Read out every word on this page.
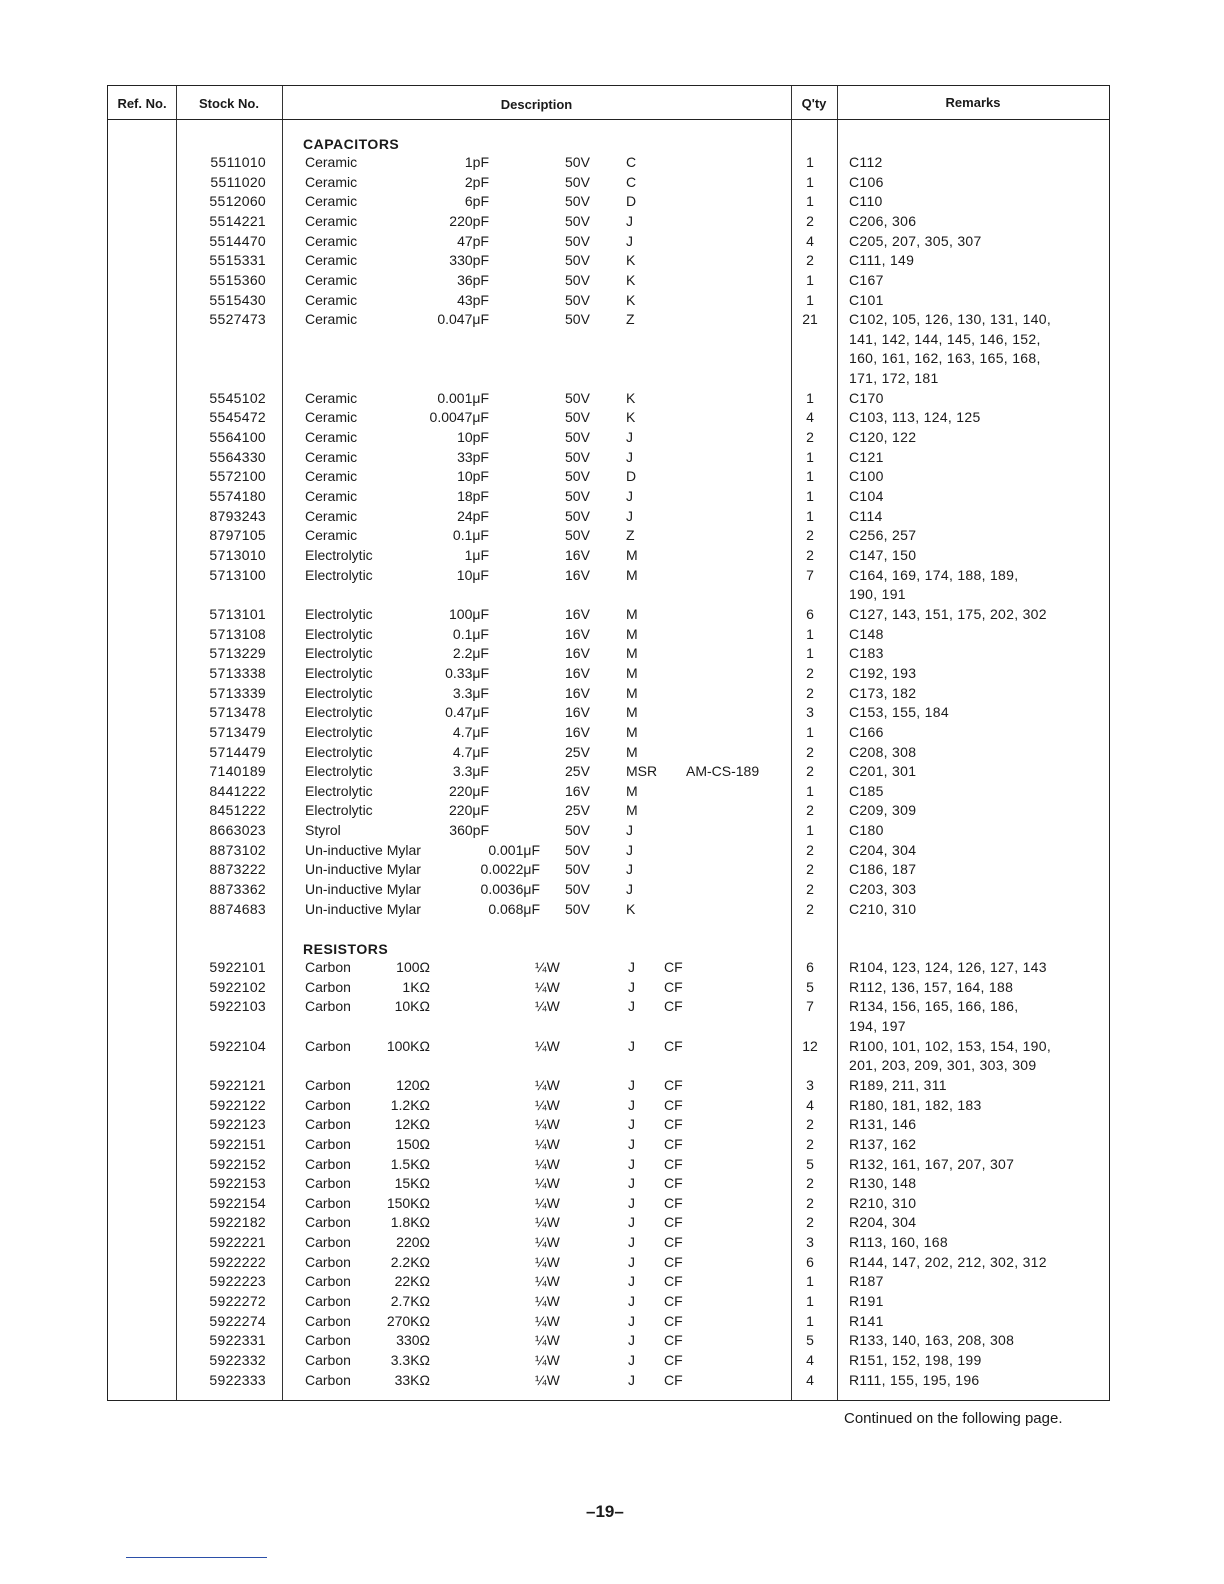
Ref. No.	Stock No.	Description	Q'ty	Remarks
CAPACITORS
5511010	Ceramic	1pF	50V	C	1	C112
5511020	Ceramic	2pF	50V	C	1	C106
5512060	Ceramic	6pF	50V	D	1	C110
5514221	Ceramic	220pF	50V	J	2	C206, 306
5514470	Ceramic	47pF	50V	J	4	C205, 207, 305, 307
5515331	Ceramic	330pF	50V	K	2	C111, 149
5515360	Ceramic	36pF	50V	K	1	C167
5515430	Ceramic	43pF	50V	K	1	C101
5527473	Ceramic	0.047μF	50V	Z	21	C102, 105, 126, 130, 131, 140,
141, 142, 144, 145, 146, 152,
160, 161, 162, 163, 165, 168,
171, 172, 181
5545102	Ceramic	0.001μF	50V	K	1	C170
5545472	Ceramic	0.0047μF	50V	K	4	C103, 113, 124, 125
5564100	Ceramic	10pF	50V	J	2	C120, 122
5564330	Ceramic	33pF	50V	J	1	C121
5572100	Ceramic	10pF	50V	D	1	C100
5574180	Ceramic	18pF	50V	J	1	C104
8793243	Ceramic	24pF	50V	J	1	C114
8797105	Ceramic	0.1μF	50V	Z	2	C256, 257
5713010	Electrolytic	1μF	16V	M	2	C147, 150
5713100	Electrolytic	10μF	16V	M	7	C164, 169, 174, 188, 189,
190, 191
5713101	Electrolytic	100μF	16V	M	6	C127, 143, 151, 175, 202, 302
5713108	Electrolytic	0.1μF	16V	M	1	C148
5713229	Electrolytic	2.2μF	16V	M	1	C183
5713338	Electrolytic	0.33μF	16V	M	2	C192, 193
5713339	Electrolytic	3.3μF	16V	M	2	C173, 182
5713478	Electrolytic	0.47μF	16V	M	3	C153, 155, 184
5713479	Electrolytic	4.7μF	16V	M	1	C166
5714479	Electrolytic	4.7μF	25V	M	2	C208, 308
7140189	Electrolytic	3.3μF	25V	MSR AM-CS-189	2	C201, 301
8441222	Electrolytic	220μF	16V	M	1	C185
8451222	Electrolytic	220μF	25V	M	2	C209, 309
8663023	Styrol	360pF	50V	J	1	C180
8873102	Un-inductive Mylar	0.001μF 50V	J	2	C204, 304
8873222	Un-inductive Mylar	0.0022μF 50V	J	2	C186, 187
8873362	Un-inductive Mylar	0.0036μF 50V	J	2	C203, 303
8874683	Un-inductive Mylar	0.068μF 50V	K	2	C210, 310
RESISTORS
5922101	Carbon	100Ω	¼W	J CF	6	R104, 123, 124, 126, 127, 143
5922102	Carbon	1KΩ	¼W	J CF	5	R112, 136, 157, 164, 188
5922103	Carbon	10KΩ	¼W	J CF	7	R134, 156, 165, 166, 186,
194, 197
5922104	Carbon	100KΩ	¼W	J CF	12	R100, 101, 102, 153, 154, 190,
201, 203, 209, 301, 303, 309
5922121	Carbon	120Ω	¼W	J CF	3	R189, 211, 311
5922122	Carbon	1.2KΩ	¼W	J CF	4	R180, 181, 182, 183
5922123	Carbon	12KΩ	¼W	J CF	2	R131, 146
5922151	Carbon	150Ω	¼W	J CF	2	R137, 162
5922152	Carbon	1.5KΩ	¼W	J CF	5	R132, 161, 167, 207, 307
5922153	Carbon	15KΩ	¼W	J CF	2	R130, 148
5922154	Carbon	150KΩ	¼W	J CF	2	R210, 310
5922182	Carbon	1.8KΩ	¼W	J CF	2	R204, 304
5922221	Carbon	220Ω	¼W	J CF	3	R113, 160, 168
5922222	Carbon	2.2KΩ	¼W	J CF	6	R144, 147, 202, 212, 302, 312
5922223	Carbon	22KΩ	¼W	J CF	1	R187
5922272	Carbon	2.7KΩ	¼W	J CF	1	R191
5922274	Carbon	270KΩ	¼W	J CF	1	R141
5922331	Carbon	330Ω	¼W	J CF	5	R133, 140, 163, 208, 308
5922332	Carbon	3.3KΩ	¼W	J CF	4	R151, 152, 198, 199
5922333	Carbon	33KΩ	¼W	J CF	4	R111, 155, 195, 196
Continued on the following page.
–19–
